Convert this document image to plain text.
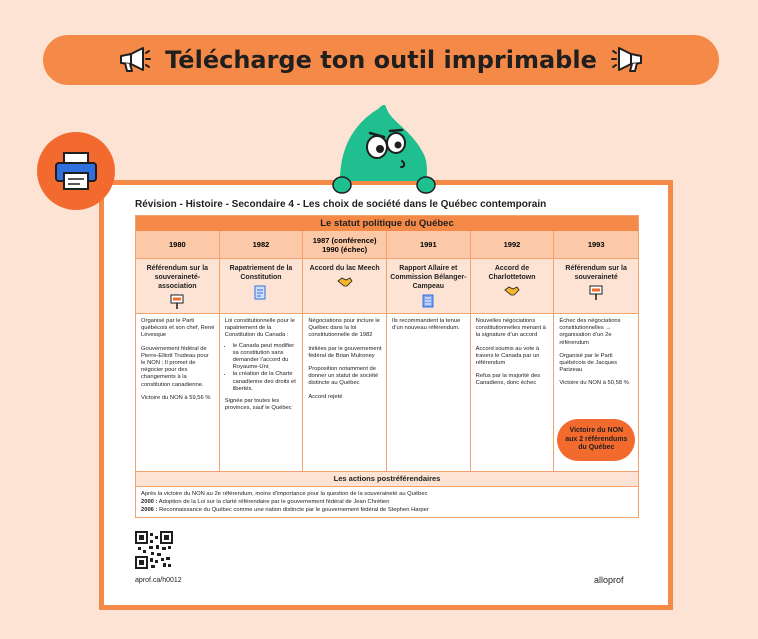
Télécharge ton outil imprimable
Révision - Histoire - Secondaire 4 - Les choix de société dans le Québec contemporain
Le statut politique du Québec
1980
Référendum sur la souveraineté-association

Organisé par le Parti québécois et son chef, René Lévesque

Gouvernement fédéral de Pierre-Elliott Trudeau pour le NON ; Il promet de négocier pour des changements à la constitution canadienne.

Victoire du NON à 59,56 %

1982
Rapatriement de la Constitution

Loi constitutionnelle pour le rapatriement de la Constitution du Canada :

• le Canada peut modifier sa constitution sans demander l’accord du Royaume-Uni;
• la création de la Charte canadienne des droits et libertés.

Signée par toutes les provinces, sauf le Québec

1987 (conférence)
1990 (échec)
Accord du lac Meech

Négociations pour inclure le Québec dans la loi constitutionnelle de 1982

Initiées par le gouvernement fédéral de Brian Mulroney

Proposition notamment de donner un statut de société distincte au Québec

Accord rejeté

1991
Rapport Allaire et Commission Bélanger-Campeau

Ils recommandent la tenue d’un nouveau référendum.

1992
Accord de Charlottetown

Nouvelles négociations constitutionnelles menant à la signature d’un accord

Accord soumis au vote à travers le Canada par un référendum

Refus par la majorité des Canadiens, donc échec

1993
Référendum sur la souveraineté

Échec des négociations constitutionnelles → organisation d’un 2e référendum

Organisé par le Parti québécois de Jacques Parizeau

Victoire du NON à 50,58 %

Victoire du NON aux 2 référendums du Québec
Les actions postréférendaires

Après la victoire du NON au 2e référendum, moins d’importance pour la question de la souveraineté au Québec

2000 : Adoption de la Loi sur la clarté référendaire par le gouvernement fédéral de Jean Chrétien

2006 : Reconnaissance du Québec comme une nation distincte par le gouvernement fédéral de Stephen Harper

aprof.ca/h0012	alloprof
